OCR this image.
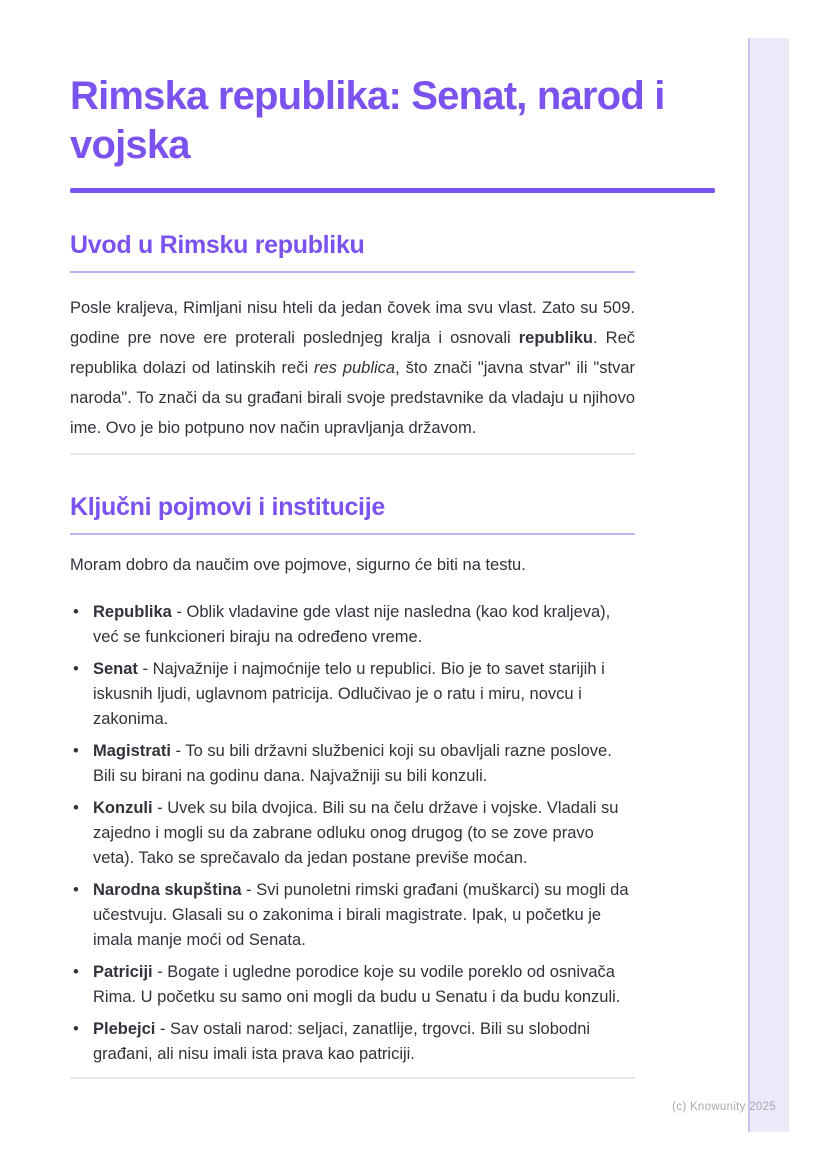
Rimska republika: Senat, narod i vojska
Uvod u Rimsku republiku

Posle kraljeva, Rimljani nisu hteli da jedan čovek ima svu vlast. Zato su 509. godine pre nove ere proterali poslednjeg kralja i osnovali republiku. Reč republika dolazi od latinskih reči res publica, što znači "javna stvar" ili "stvar naroda". To znači da su građani birali svoje predstavnike da vladaju u njihovo ime. Ovo je bio potpuno nov način upravljanja državom.

Ključni pojmovi i institucije

Moram dobro da naučim ove pojmove, sigurno će biti na testu.

• Republika - Oblik vladavine gde vlast nije nasledna (kao kod kraljeva), već se funkcioneri biraju na određeno vreme.
• Senat - Najvažnije i najmoćnije telo u republici. Bio je to savet starijih i iskusnih ljudi, uglavnom patricija. Odlučivao je o ratu i miru, novcu i zakonima.
• Magistrati - To su bili državni službenici koji su obavljali razne poslove. Bili su birani na godinu dana. Najvažniji su bili konzuli.
• Konzuli - Uvek su bila dvojica. Bili su na čelu države i vojske. Vladali su zajedno i mogli su da zabrane odluku onog drugog (to se zove pravo veta). Tako se sprečavalo da jedan postane previše moćan.
• Narodna skupština - Svi punoletni rimski građani (muškarci) su mogli da učestvuju. Glasali su o zakonima i birali magistrate. Ipak, u početku je imala manje moći od Senata.
• Patriciji - Bogate i ugledne porodice koje su vodile poreklo od osnivača Rima. U početku su samo oni mogli da budu u Senatu i da budu konzuli.
• Plebejci - Sav ostali narod: seljaci, zanatlije, trgovci. Bili su slobodni građani, ali nisu imali ista prava kao patriciji.
(c) Knowunity 2025
